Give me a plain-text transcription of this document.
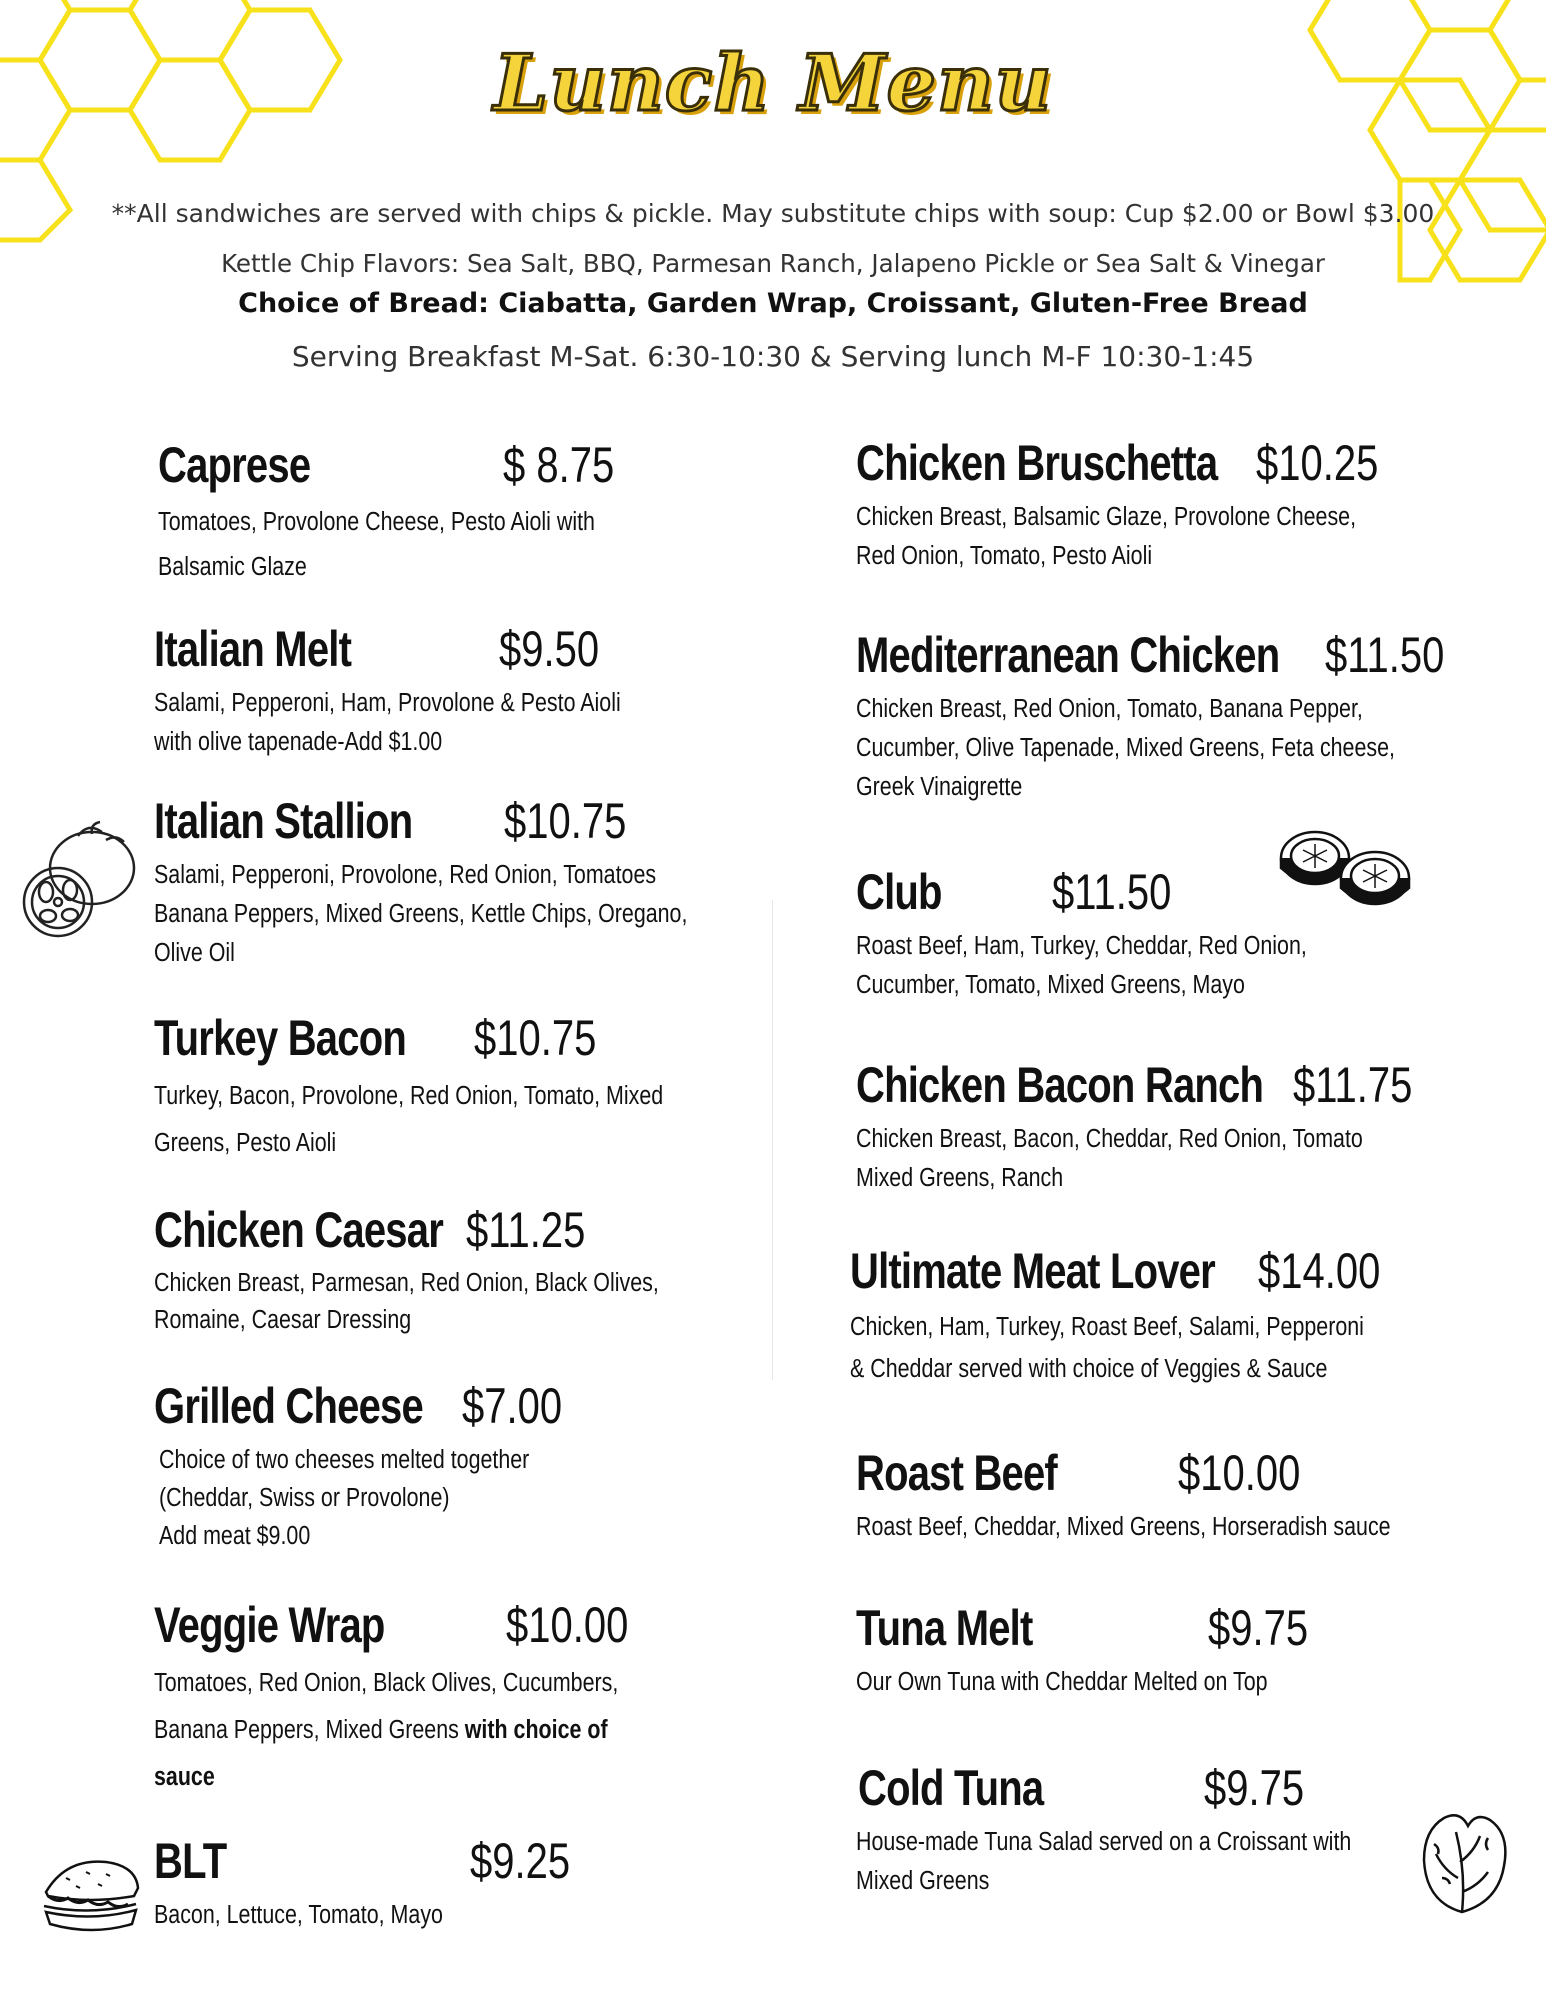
Lunch Menu
**All sandwiches are served with chips & pickle. May substitute chips with soup: Cup $2.00 or Bowl $3.00
Kettle Chip Flavors: Sea Salt, BBQ, Parmesan Ranch, Jalapeno Pickle or Sea Salt & Vinegar
Choice of Bread: Ciabatta, Garden Wrap, Croissant, Gluten-Free Bread
Serving Breakfast M-Sat. 6:30-10:30 & Serving lunch M-F 10:30-1:45
Caprese	$ 8.75
Tomatoes, Provolone Cheese, Pesto Aioli with
Balsamic Glaze
Italian Melt	$9.50
Salami, Pepperoni, Ham, Provolone & Pesto Aioli
with olive tapenade-Add $1.00
Italian Stallion $10.75
Salami, Pepperoni, Provolone, Red Onion, Tomatoes
Banana Peppers, Mixed Greens, Kettle Chips, Oregano,
Olive Oil
Turkey Bacon $10.75
Turkey, Bacon, Provolone, Red Onion, Tomato, Mixed
Greens, Pesto Aioli
Chicken Caesar $11.25
Chicken Breast, Parmesan, Red Onion, Black Olives,
Romaine, Caesar Dressing
Grilled Cheese $7.00
Choice of two cheeses melted together
(Cheddar, Swiss or Provolone)
Add meat $9.00
Veggie Wrap $10.00
Tomatoes, Red Onion, Black Olives, Cucumbers,
Banana Peppers, Mixed Greens with choice of
sauce
BLT	$9.25
Bacon, Lettuce, Tomato, Mayo
Chicken Bruschetta $10.25
Chicken Breast, Balsamic Glaze, Provolone Cheese,
Red Onion, Tomato, Pesto Aioli
Mediterranean Chicken $11.50
Chicken Breast, Red Onion, Tomato, Banana Pepper,
Cucumber, Olive Tapenade, Mixed Greens, Feta cheese,
Greek Vinaigrette
Club $11.50
Roast Beef, Ham, Turkey, Cheddar, Red Onion,
Cucumber, Tomato, Mixed Greens, Mayo
Chicken Bacon Ranch $11.75
Chicken Breast, Bacon, Cheddar, Red Onion, Tomato
Mixed Greens, Ranch
Ultimate Meat Lover $14.00
Chicken, Ham, Turkey, Roast Beef, Salami, Pepperoni
& Cheddar served with choice of Veggies & Sauce
Roast Beef $10.00
Roast Beef, Cheddar, Mixed Greens, Horseradish sauce
Tuna Melt	$9.75
Our Own Tuna with Cheddar Melted on Top
Cold Tuna	$9.75
House-made Tuna Salad served on a Croissant with
Mixed Greens
